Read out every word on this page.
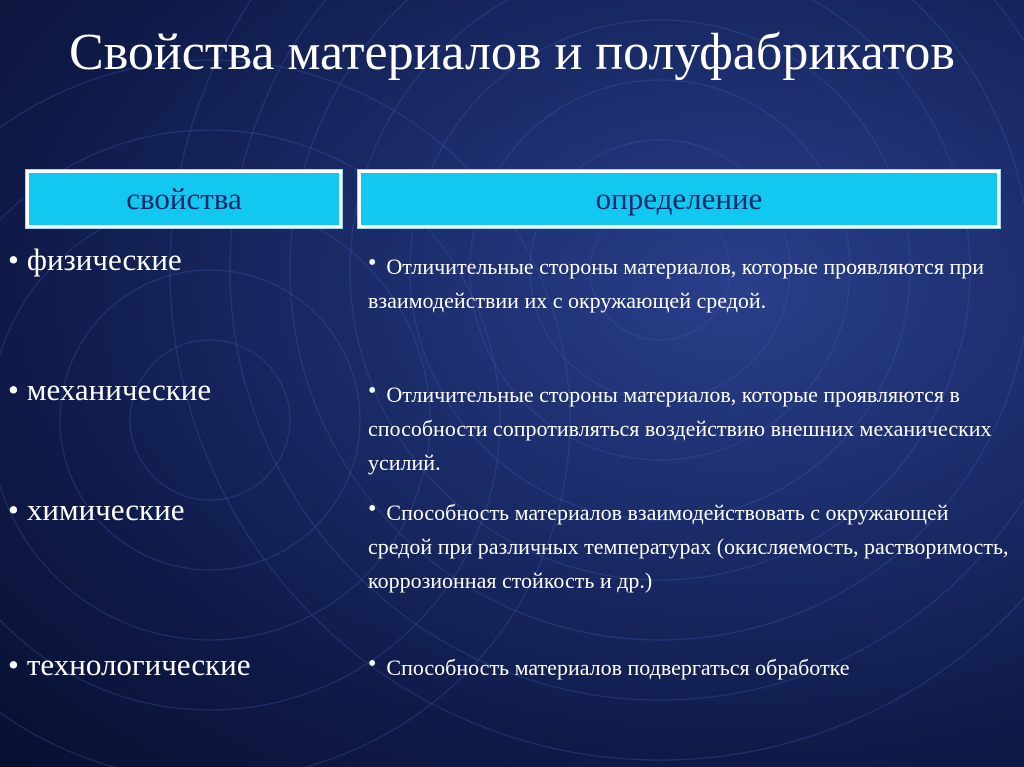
Свойства материалов и полуфабрикатов
свойства	определение
• физические	• Отличительные стороны материалов, которые проявляются при взаимодействии их с окружающей средой.
• механические	• Отличительные стороны материалов, которые проявляются в способности сопротивляться воздействию внешних механических усилий.
• химические	• Способность материалов взаимодействовать с окружающей средой при различных температурах (окисляемость, растворимость, коррозионная стойкость и др.)
• технологические	• Способность материалов подвергаться обработке
